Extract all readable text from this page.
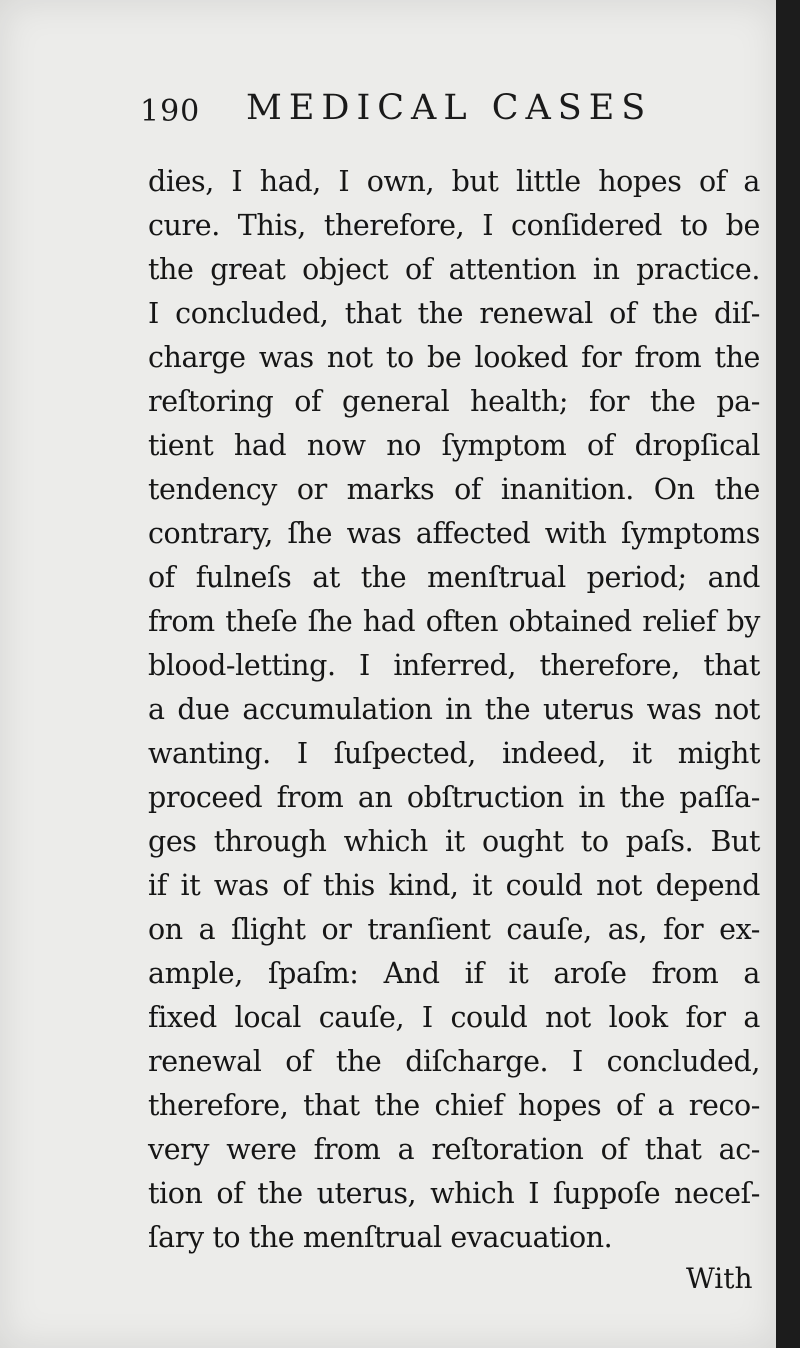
190 MEDICAL CASES
dies, I had, I own, but little hopes of a
cure. This, therefore, I conſidered to be
the great object of attention in practice.
I concluded, that the renewal of the diſ-
charge was not to be looked for from the
reſtoring of general health; for the pa-
tient had now no ſymptom of dropſical
tendency or marks of inanition. On the
contrary, ſhe was affected with ſymptoms
of fulneſs at the menſtrual period; and
from theſe ſhe had often obtained relief by
blood-letting. I inferred, therefore, that
a due accumulation in the uterus was not
wanting. I ſuſpected, indeed, it might
proceed from an obſtruction in the paſſa-
ges through which it ought to paſs. But
if it was of this kind, it could not depend
on a ſlight or tranſient cauſe, as, for ex-
ample, ſpaſm: And if it aroſe from a
fixed local cauſe, I could not look for a
renewal of the diſcharge. I concluded,
therefore, that the chief hopes of a reco-
very were from a reſtoration of that ac-
tion of the uterus, which I ſuppoſe neceſ-
ſary to the menſtrual evacuation.
With
